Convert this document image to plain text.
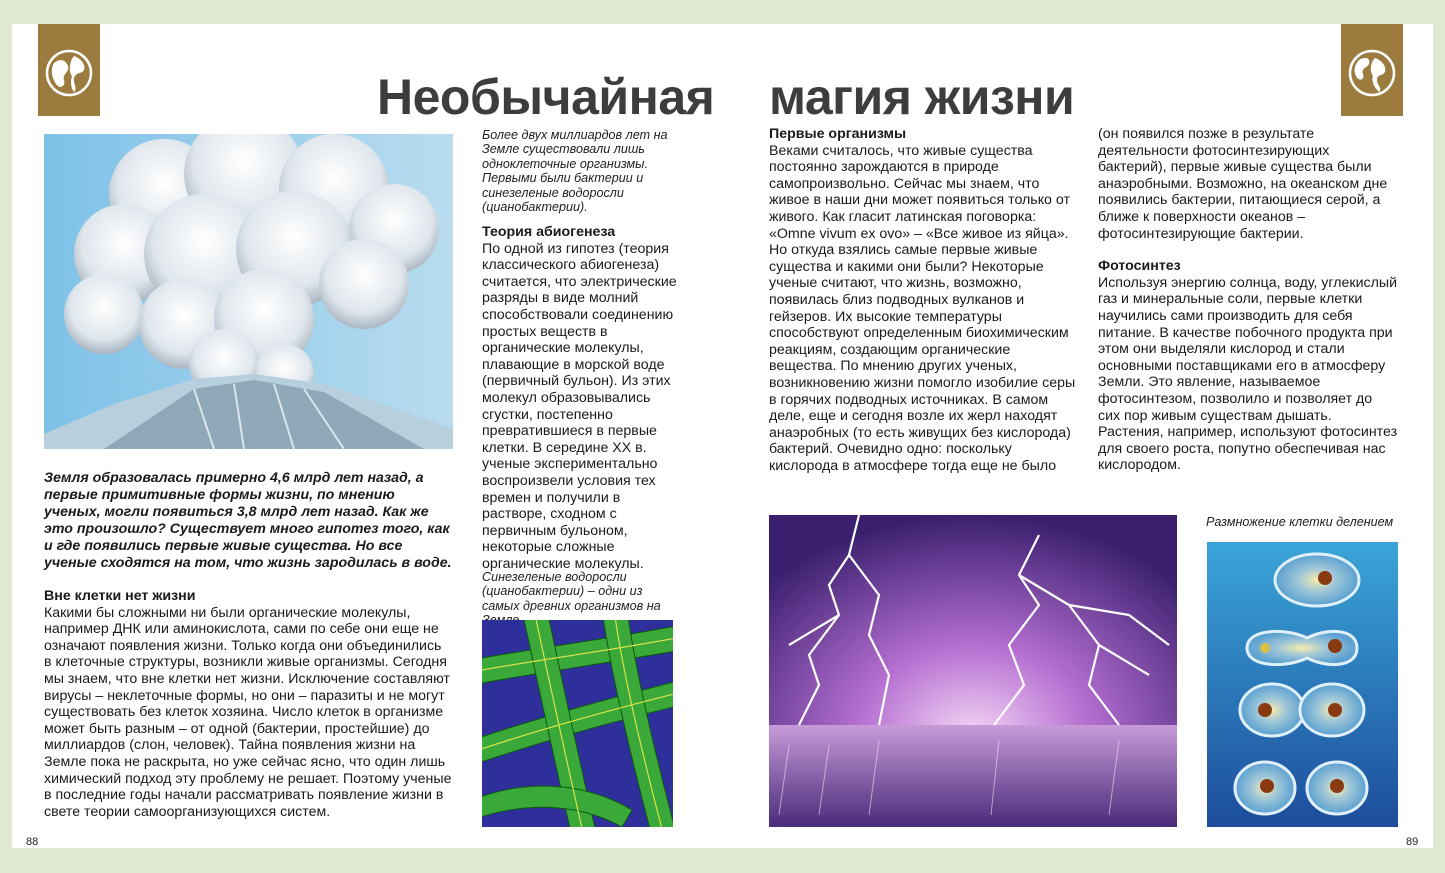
Необычайная магия жизни

Земля образовалась примерно 4,6 млрд лет назад, а первые примитивные формы жизни, по мнению ученых, могли появиться 3,8 млрд лет назад. Как же это произошло? Существует много гипотез того, как и где появились первые живые существа. Но все ученые сходятся на том, что жизнь зародилась в воде.

Вне клетки нет жизни

Какими бы сложными ни были органические молекулы, например ДНК или аминокислота, сами по себе они еще не означают появления жизни. Только когда они объединились в клеточные структуры, возникли живые организмы. Сегодня мы знаем, что вне клетки нет жизни. Исключение составляют вирусы – неклеточные формы, но они – паразиты и не могут существовать без клеток хозяина. Число клеток в организме может быть разным – от одной (бактерии, простейшие) до миллиардов (слон, человек). Тайна появления жизни на Земле пока не раскрыта, но уже сейчас ясно, что один лишь химический подход эту проблему не решает. Поэтому ученые в последние годы начали рассматривать появление жизни в свете теории самоорганизующихся систем.

Более двух миллиардов лет на Земле существовали лишь одноклеточные организмы. Первыми были бактерии и синезеленые водоросли (цианобактерии).

Теория абиогенеза

По одной из гипотез (теория классического абиогенеза) считается, что электрические разряды в виде молний способствовали соединению простых веществ в органические молекулы, плавающие в морской воде (первичный бульон). Из этих молекул образовывались сгустки, постепенно превратившиеся в первые клетки. В середине XX в. ученые экспериментально воспроизвели условия тех времен и получили в растворе, сходном с первичным бульоном, некоторые сложные органические молекулы.

Синезеленые водоросли (цианобактерии) – одни из самых древних организмов на

Первые организмы

Веками считалось, что живые существа постоянно зарождаются в природе самопроизвольно. Сейчас мы знаем, что живое в наши дни может появиться только от живого. Как гласит латинская поговорка: «Omne vivum ex ovo» – «Все живое из яйца». Но откуда взялись самые первые живые существа и какими они были? Некоторые ученые считают, что жизнь, возможно, появилась близ подводных вулканов и гейзеров. Их высокие температуры способствуют определенным биохимическим реакциям, создающим органические вещества. По мнению других ученых, возникновению жизни помогло изобилие серы в горячих подводных источниках. В самом деле, еще и сегодня возле их жерл находят анаэробных (то есть живущих без кислорода) бактерий. Очевидно одно: поскольку кислорода в атмосфере тогда еще не было

(он появился позже в результате деятельности фотосинтезирующих бактерий), первые живые существа были анаэробными. Возможно, на океанском дне появились бактерии, питающиеся серой, а ближе к поверхности океанов – фотосинтезирующие бактерии.

Фотосинтез

Используя энергию солнца, воду, углекислый газ и минеральные соли, первые клетки научились сами производить для себя питание. В качестве побочного продукта при этом они выделяли кислород и стали основными поставщиками его в атмосферу Земли. Это явление, называемое фотосинтезом, позволило и позволяет до сих пор живым существам дышать. Растения, например, используют фотосинтез для своего роста, попутно обеспечивая нас кислородом.

Размножение клетки делением
88	89
